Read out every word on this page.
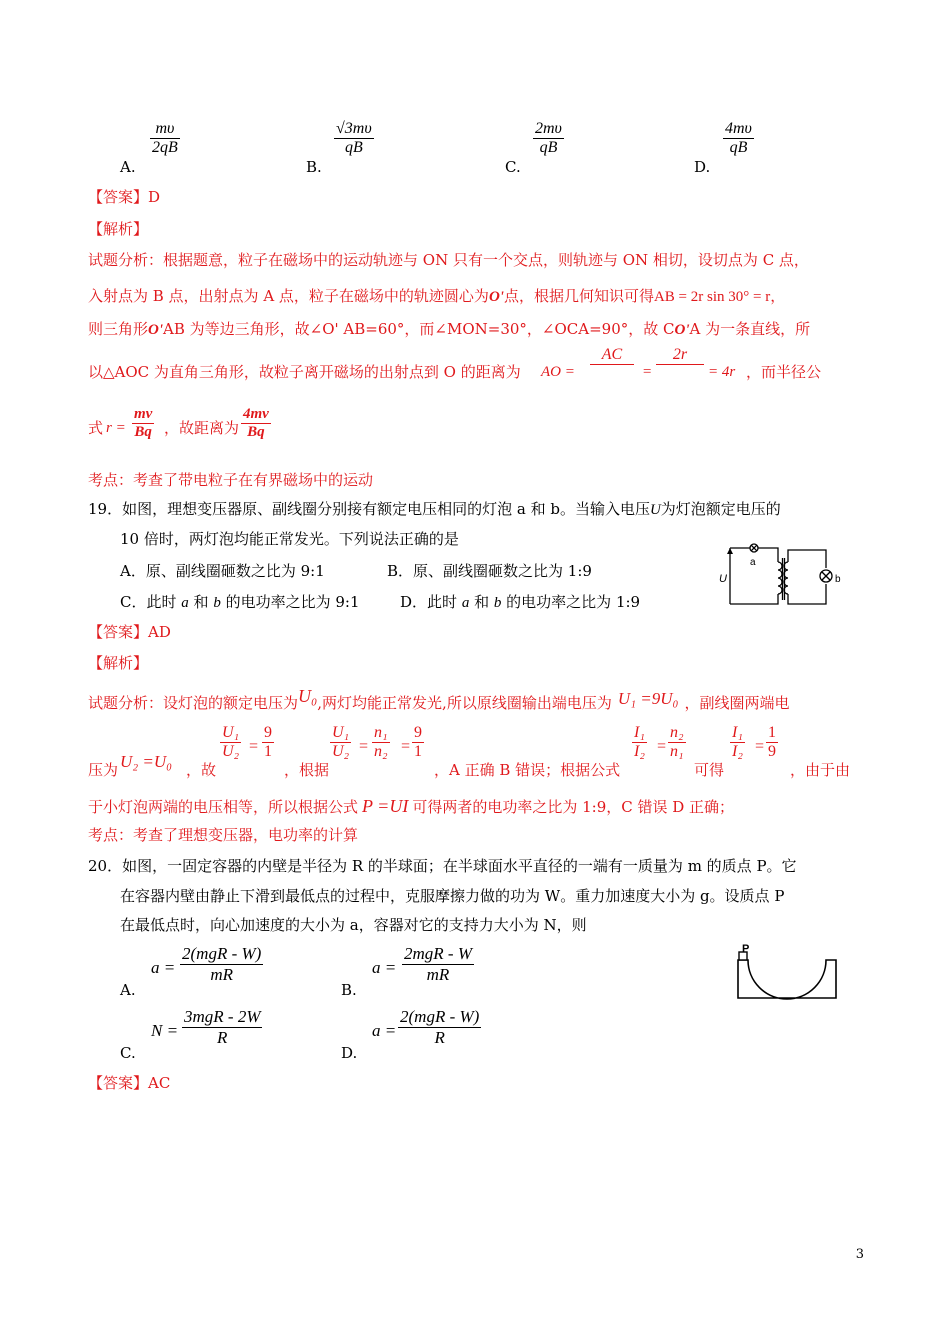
A.
$\frac{m\upsilon}{2qB}$
B.
$\frac{√3m\upsilon}{qB}$
C.
$\frac{2m\upsilon}{qB}$
D.
$\frac{4m\upsilon}{qB}$
【答案】D
【解析】
试题分析：根据题意，粒子在磁场中的运动轨迹与 ON 只有一个交点，则轨迹与 ON 相切，设切点为 C 点，
入射点为 B 点，出射点为 A 点，粒子在磁场中的轨迹圆心为O'点，根据几何知识可得AB = 2r sin 30° = r，
则三角形O'AB 为等边三角形，故∠O' AB=60°，而∠MON=30°，∠OCA=90°，故 CO'A 为一条直线，所
以△AOC 为直角三角形，故粒子离开磁场的出射点到 O 的距离为 AO =
AC
=
2r
= 4r ，而半径公
式 $r = \frac{mv}{Bq}$ ，故距离为 $\frac{4mv}{Bq}$
考点：考查了带电粒子在有界磁场中的运动
19．如图，理想变压器原、副线圈分别接有额定电压相同的灯泡 a 和 b。当输入电压U为灯泡额定电压的
10 倍时，两灯泡均能正常发光。下列说法正确的是
A．原、副线圈砸数之比为 9:1	B．原、副线圈砸数之比为 1:9
C．此时 a 和 b 的电功率之比为 9:1	D．此时 a 和 b 的电功率之比为 1:9
U
a
b
【答案】AD
【解析】
试题分析：设灯泡的额定电压为U₀,两灯均能正常发光,所以原线圈输出端电压为 U₁ =9U₀ ，副线圈两端电
压为 U₂ =U₀ ，故
$\frac{\text{U₁}}{\text{U₂}} = \frac{9}{1}$
，根据
$\frac{\text{U₁}}{\text{U₂}} = \frac{\text{n₁}}{\text{n₂}} = \frac{9}{1}$
，A 正确 B 错误；根据公式
$\frac{\text{I₁}}{\text{I₂}} = \frac{\text{n₂}}{\text{n₁}}$
可得
$\frac{\text{I₁}}{\text{I₂}} = \frac{1}{9}$
，由于由
于小灯泡两端的电压相等，所以根据公式 P =UI 可得两者的电功率之比为 1:9，C 错误 D 正确；
考点：考查了理想变压器，电功率的计算
20．如图，一固定容器的内壁是半径为 R 的半球面；在半球面水平直径的一端有一质量为 m 的质点 P。它
在容器内壁由静止下滑到最低点的过程中，克服摩擦力做的功为 W。重力加速度大小为 g。设质点 P
在最低点时，向心加速度的大小为 a，容器对它的支持力大小为 N，则
A.
a =
2(mgR - W)
mR
B.
a =
2mgR - W
mR
C.
N =
3mgR - 2W
R
D.
a =
2(mgR - W)
R
P
【答案】AC
3
